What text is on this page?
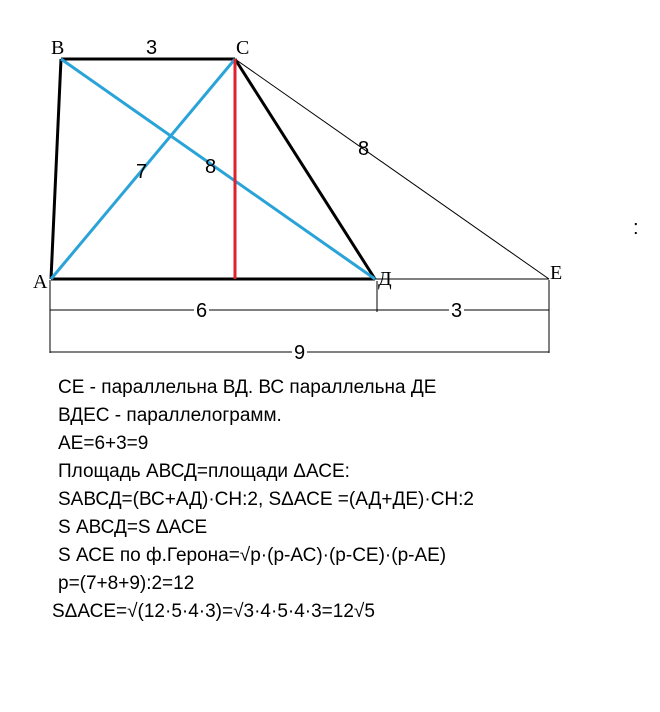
B	C
A	Д	E
3
7	8
8
6	3
9
:
СЕ - параллельна ВД. ВС параллельна ДЕ
ВДЕС - параллелограмм.
АЕ=6+3=9
Площадь АВСД=площади ΔАСЕ:
SАВСД=(ВС+АД)·СН:2, SΔАСЕ =(АД+ДЕ)·СН:2
S АВСД=S ΔАСЕ
S АСЕ по ф.Герона=√p·(p-АС)·(p-СЕ)·(p-АЕ)
p=(7+8+9):2=12
SΔАСЕ=√(12·5·4·3)=√3·4·5·4·3=12√5
